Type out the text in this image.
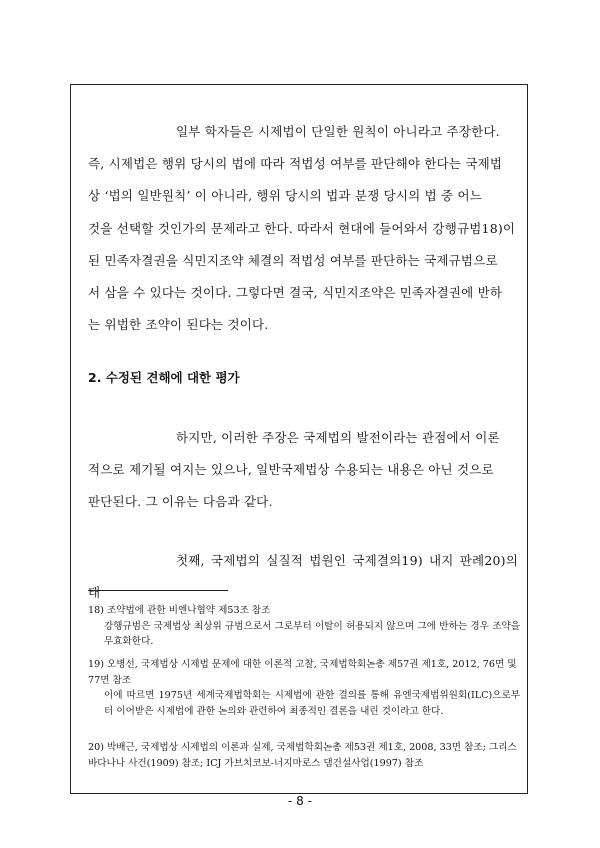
일부 학자들은 시제법이 단일한 원칙이 아니라고 주장한다.
즉, 시제법은 행위 당시의 법에 따라 적법성 여부를 판단해야 한다는 국제법
상 ‘법의 일반원칙’ 이 아니라, 행위 당시의 법과 분쟁 당시의 법 중 어느
것을 선택할 것인가의 문제라고 한다. 따라서 현대에 들어와서 강행규범18)이
된 민족자결권을 식민지조약 체결의 적법성 여부를 판단하는 국제규범으로
서 삼을 수 있다는 것이다. 그렇다면 결국, 식민지조약은 민족자결권에 반하
는 위법한 조약이 된다는 것이다.
2. 수정된 견해에 대한 평가
하지만, 이러한 주장은 국제법의 발전이라는 관점에서 이론
적으로 제기될 여지는 있으나, 일반국제법상 수용되는 내용은 아닌 것으로
판단된다. 그 이유는 다음과 같다.
첫째, 국제법의 실질적 법원인 국제결의19) 내지 판례20)의 태
18) 조약법에 관한 비엔나협약 제53조 참조
강행규범은 국제법상 최상위 규범으로서 그로부터 이탈이 허용되지 않으며 그에 반하는 경우 조약을 무효화한다.
19) 오병선, 국제법상 시제법 문제에 대한 이론적 고찰, 국제법학회논총 제57권 제1호, 2012, 76면 및 77면 참조
이에 따르면 1975년 세계국제법학회는 시제법에 관한 결의를 통해 유엔국제법위원회(ILC)으로부터 이어받은 시제법에 관한 논의와 관련하여 최종적인 결론을 내린 것이라고 한다.
20) 박배근, 국제법상 시제법의 이론과 실제, 국제법학회논총 제53권 제1호, 2008, 33면 참조; 그리스 바다나나 사건(1909) 참조; ICJ 가브치코보-너지마로스 댐건설사업(1997) 참조
- 8 -
